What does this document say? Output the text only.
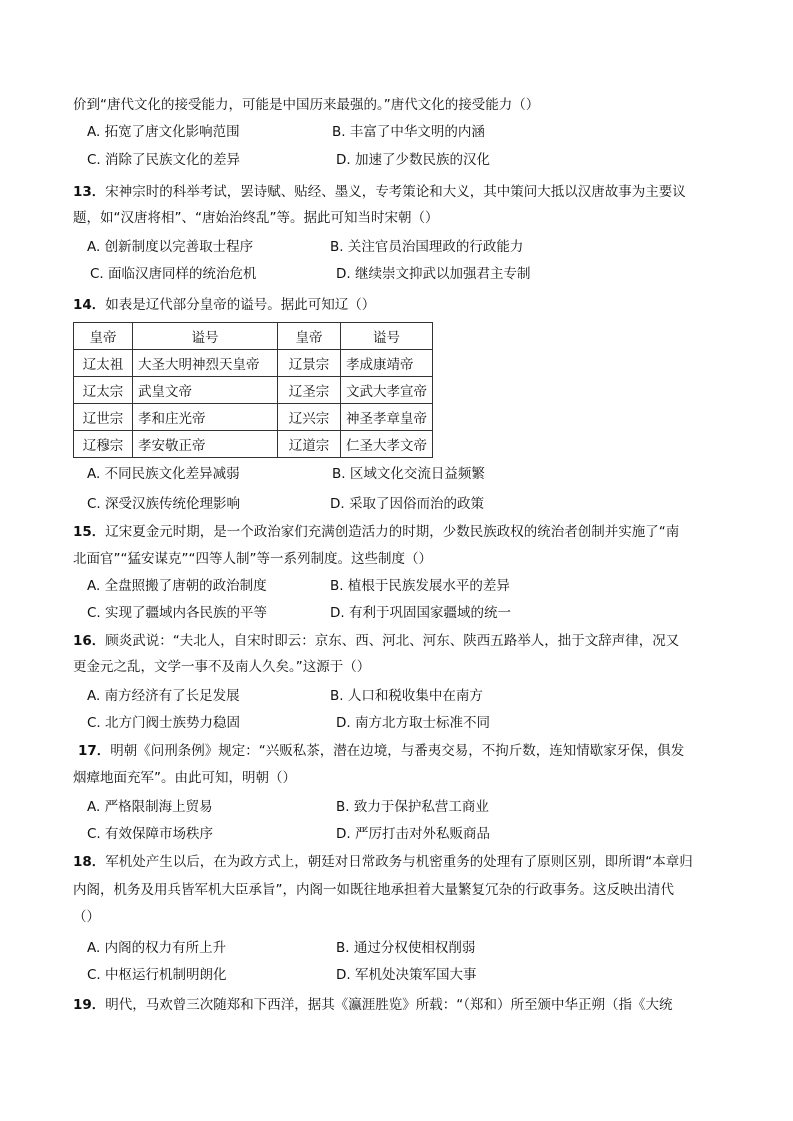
价到“唐代文化的接受能力，可能是中国历来最强的。”唐代文化的接受能力（）
A. 拓宽了唐文化影响范围	B. 丰富了中华文明的内涵
C. 消除了民族文化的差异	D. 加速了少数民族的汉化
13．宋神宗时的科举考试，罢诗赋、贴经、墨义，专考策论和大义，其中策问大抵以汉唐故事为主要议
题，如“汉唐将相”、“唐始治终乱”等。据此可知当时宋朝（）
A. 创新制度以完善取士程序	B. 关注官员治国理政的行政能力
C. 面临汉唐同样的统治危机	D. 继续崇文抑武以加强君主专制
14．如表是辽代部分皇帝的谥号。据此可知辽（）
皇帝	谥号	皇帝	谥号
辽太祖	大圣大明神烈天皇帝	辽景宗	孝成康靖帝
辽太宗	武皇文帝	辽圣宗	文武大孝宣帝
辽世宗	孝和庄光帝	辽兴宗	神圣孝章皇帝
辽穆宗	孝安敬正帝	辽道宗	仁圣大孝文帝
A. 不同民族文化差异减弱	B. 区域文化交流日益频繁
C. 深受汉族传统伦理影响	D. 采取了因俗而治的政策
15．辽宋夏金元时期，是一个政治家们充满创造活力的时期，少数民族政权的统治者创制并实施了“南
北面官”“猛安谋克”“四等人制”等一系列制度。这些制度（）
A. 全盘照搬了唐朝的政治制度	B. 植根于民族发展水平的差异
C. 实现了疆域内各民族的平等	D. 有利于巩固国家疆域的统一
16．顾炎武说：“夫北人，自宋时即云：京东、西、河北、河东、陕西五路举人，拙于文辞声律，况又
更金元之乱，文学一事不及南人久矣。”这源于（）
A. 南方经济有了长足发展	B. 人口和税收集中在南方
C. 北方门阀士族势力稳固	D. 南方北方取士标准不同
17．明朝《问刑条例》规定：“兴贩私茶，潜在边境，与番夷交易，不拘斤数，连知情歇家牙保，俱发
烟瘴地面充军”。由此可知，明朝（）
A. 严格限制海上贸易	B. 致力于保护私营工商业
C. 有效保障市场秩序	D. 严厉打击对外私贩商品
18．军机处产生以后，在为政方式上，朝廷对日常政务与机密重务的处理有了原则区别，即所谓“本章归
内阁，机务及用兵皆军机大臣承旨”，内阁一如既往地承担着大量繁复冗杂的行政事务。这反映出清代
（）
A. 内阁的权力有所上升	B. 通过分权使相权削弱
C. 中枢运行机制明朗化	D. 军机处决策军国大事
19．明代，马欢曾三次随郑和下西洋，据其《瀛涯胜览》所载：“（郑和）所至颁中华正朔（指《大统
